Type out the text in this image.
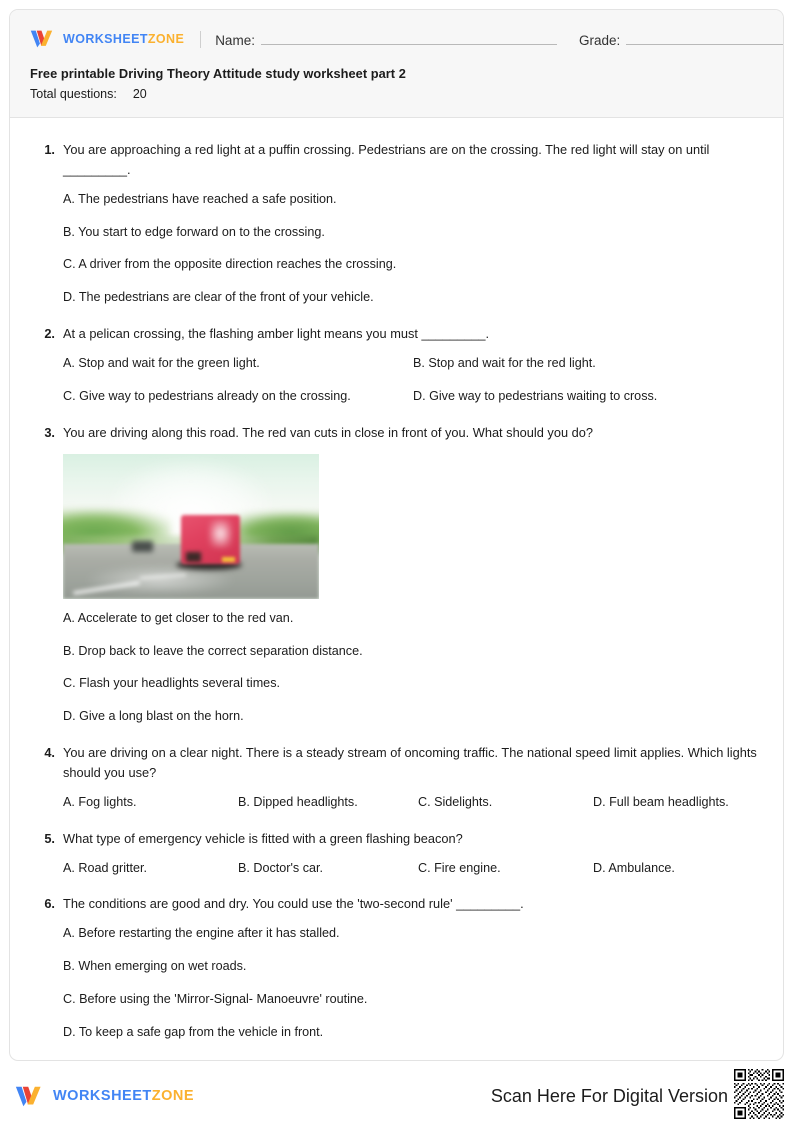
WORKSHEETZONE Name:	Grade:
Free printable Driving Theory Attitude study worksheet part 2
Total questions: 20
1. You are approaching a red light at a puffin crossing. Pedestrians are on the crossing. The red light will stay on until _________.
A. The pedestrians have reached a safe position.
B. You start to edge forward on to the crossing.
C. A driver from the opposite direction reaches the crossing.
D. The pedestrians are clear of the front of your vehicle.
2. At a pelican crossing, the flashing amber light means you must _________.
A. Stop and wait for the green light.	B. Stop and wait for the red light.
C. Give way to pedestrians already on the crossing.	D. Give way to pedestrians waiting to cross.
3. You are driving along this road. The red van cuts in close in front of you. What should you do?
A. Accelerate to get closer to the red van.
B. Drop back to leave the correct separation distance.
C. Flash your headlights several times.
D. Give a long blast on the horn.
4. You are driving on a clear night. There is a steady stream of oncoming traffic. The national speed limit applies. Which lights should you use?
A. Fog lights.	B. Dipped headlights.	C. Sidelights.	D. Full beam headlights.
5. What type of emergency vehicle is fitted with a green flashing beacon?
A. Road gritter.	B. Doctor's car.	C. Fire engine.	D. Ambulance.
6. The conditions are good and dry. You could use the 'two-second rule' _________.
A. Before restarting the engine after it has stalled.
B. When emerging on wet roads.
C. Before using the 'Mirror-Signal- Manoeuvre' routine.
D. To keep a safe gap from the vehicle in front.
WORKSHEETZONE	Scan Here For Digital Version
